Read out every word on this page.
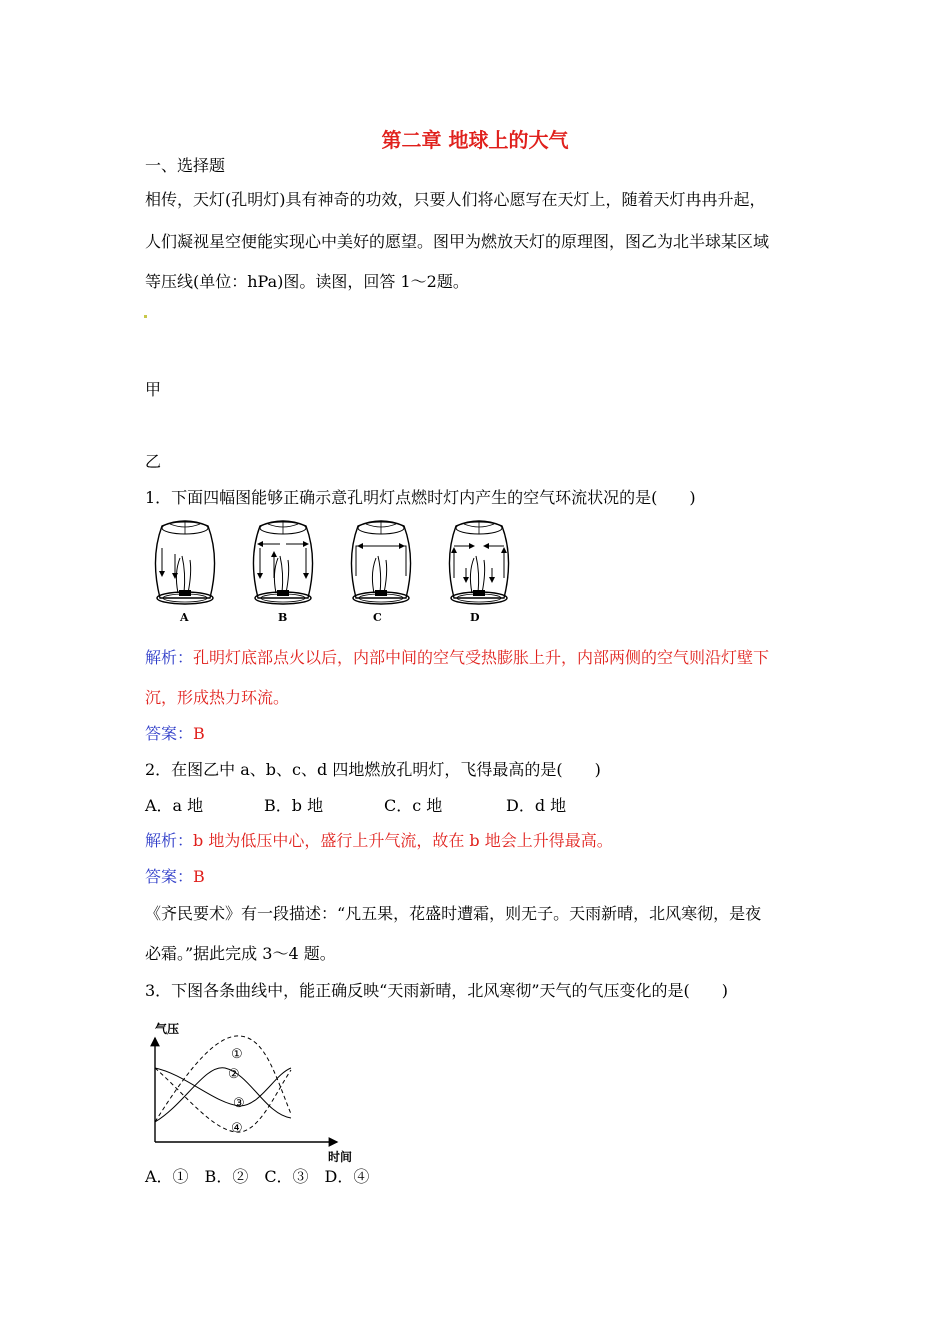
第二章 地球上的大气
一、选择题
相传，天灯(孔明灯)具有神奇的功效，只要人们将心愿写在天灯上，随着天灯冉冉升起，
人们凝视星空便能实现心中美好的愿望。图甲为燃放天灯的原理图，图乙为北半球某区域
等压线(单位：hPa)图。读图，回答 1～2题。
甲
乙
1．下面四幅图能够正确示意孔明灯点燃时灯内产生的空气环流状况的是(　　)
A	B	C	D
解析：孔明灯底部点火以后，内部中间的空气受热膨胀上升，内部两侧的空气则沿灯壁下
沉，形成热力环流。
答案：B
2．在图乙中 a、b、c、d 四地燃放孔明灯，飞得最高的是(　　)
A．a 地	B．b 地	C．c 地	D．d 地
解析：b 地为低压中心，盛行上升气流，故在 b 地会上升得最高。
答案：B
《齐民要术》有一段描述：“凡五果，花盛时遭霜，则无子。天雨新晴，北风寒彻，是夜
必霜。”据此完成 3～4 题。
3．下图各条曲线中，能正确反映“天雨新晴，北风寒彻”天气的气压变化的是(　　)
气压
①
②
③
④
时间
A．①　B．②　C．③　D．④
